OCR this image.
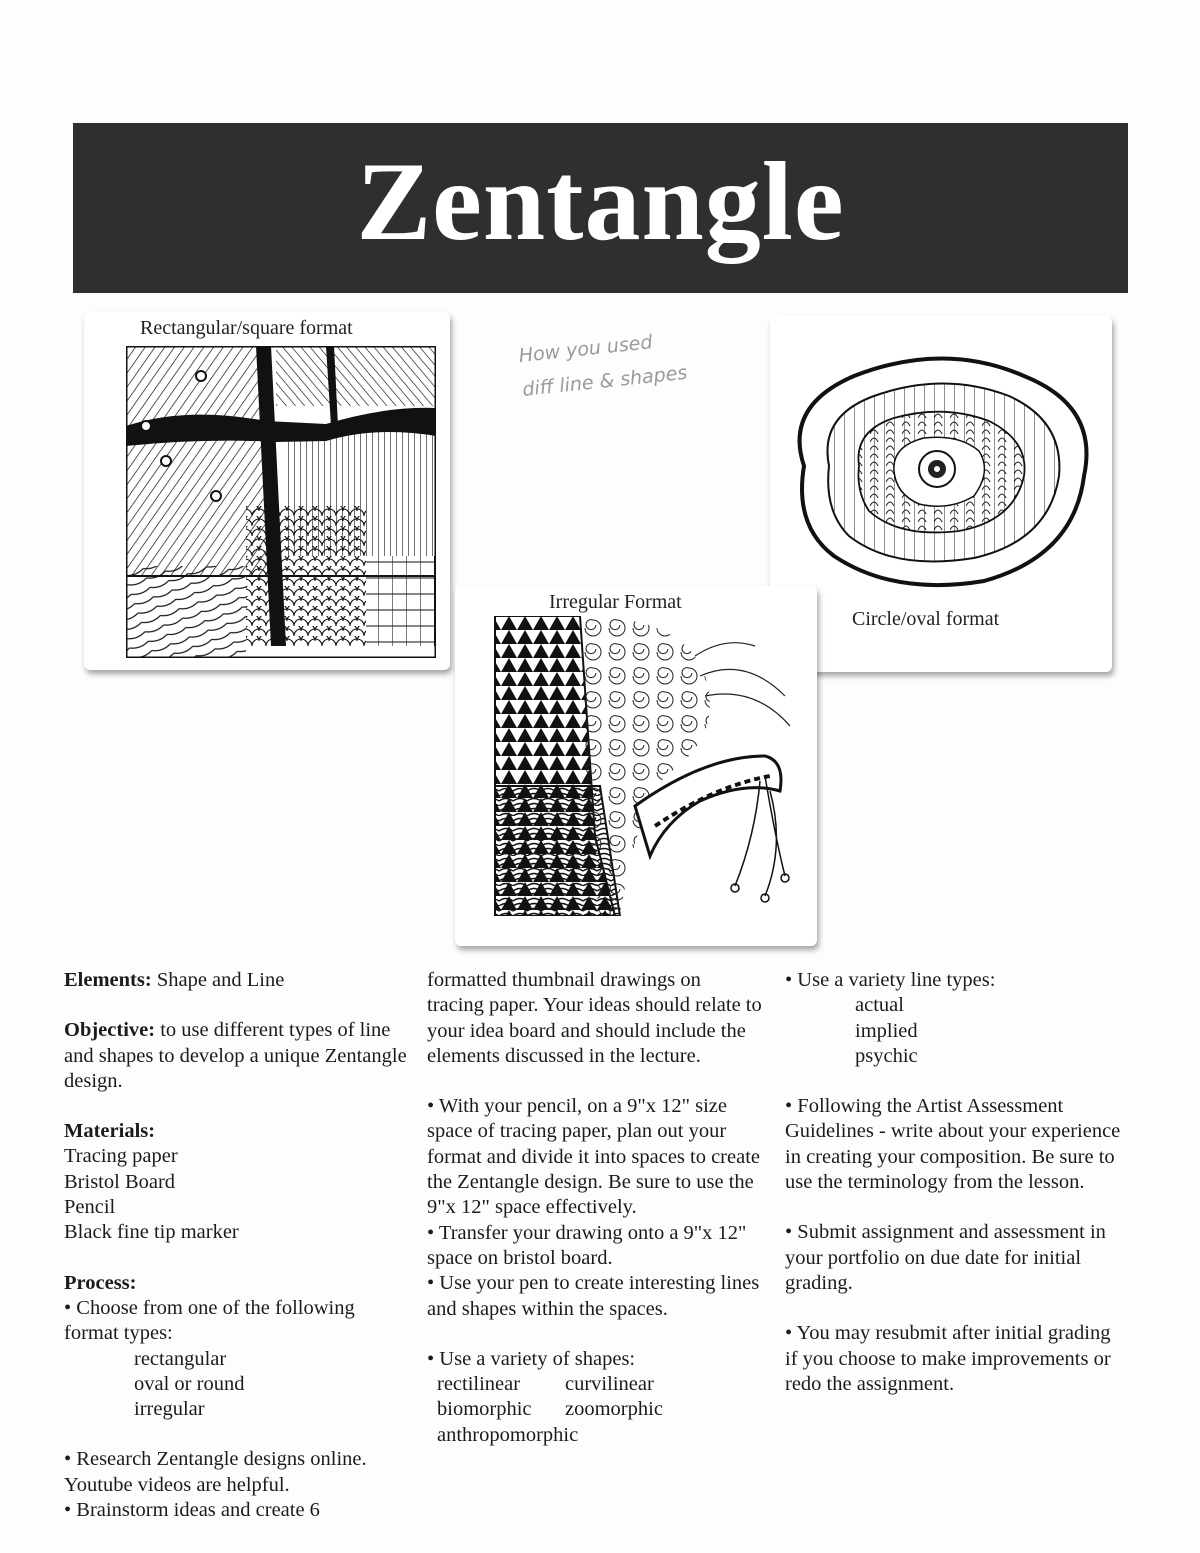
Zentangle
Rectangular/square format
How you used
diff line & shapes
Circle/oval format
Irregular Format

Elements: Shape and Line

Objective: to use different types of line and shapes to develop a unique Zentangle design.

Materials:

Tracing paper

Bristol Board

Pencil

Black fine tip marker

Process:

• Choose from one of the following format types:

rectangular

oval or round

irregular

• Research Zentangle designs online. Youtube videos are helpful.

• Brainstorm ideas and create 6

formatted thumbnail drawings on tracing paper. Your ideas should relate to your idea board and should include the elements discussed in the lecture.

• With your pencil, on a 9"x 12" size space of tracing paper, plan out your format and divide it into spaces to create the Zentangle design. Be sure to use the 9"x 12" space effectively.

• Transfer your drawing onto a 9"x 12" space on bristol board.

• Use your pen to create interesting lines and shapes within the spaces.

• Use a variety of shapes:

rectilinear curvilinear

biomorphic zoomorphic

anthropomorphic

• Use a variety line types:

actual

implied

psychic

• Following the Artist Assessment Guidelines - write about your experience in creating your composition. Be sure to use the terminology from the lesson.

• Submit assignment and assessment in your portfolio on due date for initial grading.

• You may resubmit after initial grading if you choose to make improvements or redo the assignment.
